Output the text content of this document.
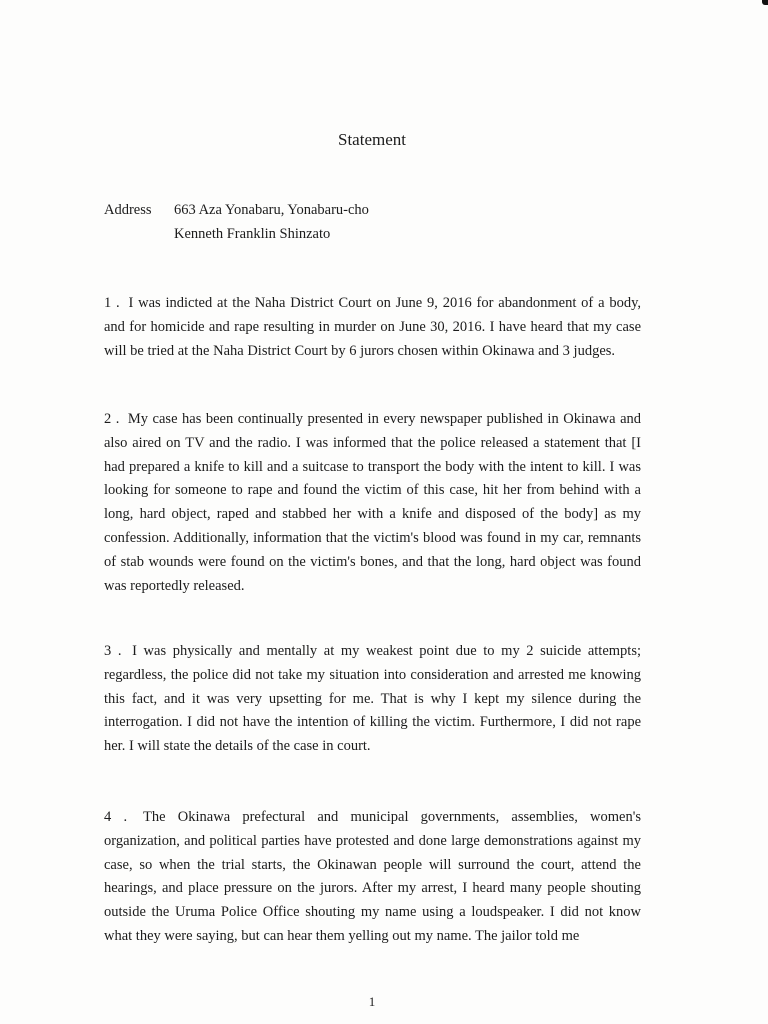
Statement
Address 663 Aza Yonabaru, Yonabaru-cho
Kenneth Franklin Shinzato

1 . I was indicted at the Naha District Court on June 9, 2016 for abandonment of a body, and for homicide and rape resulting in murder on June 30, 2016. I have heard that my case will be tried at the Naha District Court by 6 jurors chosen within Okinawa and 3 judges.

2 . My case has been continually presented in every newspaper published in Okinawa and also aired on TV and the radio. I was informed that the police released a statement that [I had prepared a knife to kill and a suitcase to transport the body with the intent to kill. I was looking for someone to rape and found the victim of this case, hit her from behind with a long, hard object, raped and stabbed her with a knife and disposed of the body] as my confession. Additionally, information that the victim's blood was found in my car, remnants of stab wounds were found on the victim's bones, and that the long, hard object was found was reportedly released.

3 . I was physically and mentally at my weakest point due to my 2 suicide attempts; regardless, the police did not take my situation into consideration and arrested me knowing this fact, and it was very upsetting for me. That is why I kept my silence during the interrogation. I did not have the intention of killing the victim. Furthermore, I did not rape her. I will state the details of the case in court.

4 . The Okinawa prefectural and municipal governments, assemblies, women's organization, and political parties have protested and done large demonstrations against my case, so when the trial starts, the Okinawan people will surround the court, attend the hearings, and place pressure on the jurors. After my arrest, I heard many people shouting outside the Uruma Police Office shouting my name using a loudspeaker. I did not know what they were saying, but can hear them yelling out my name. The jailor told me

1
